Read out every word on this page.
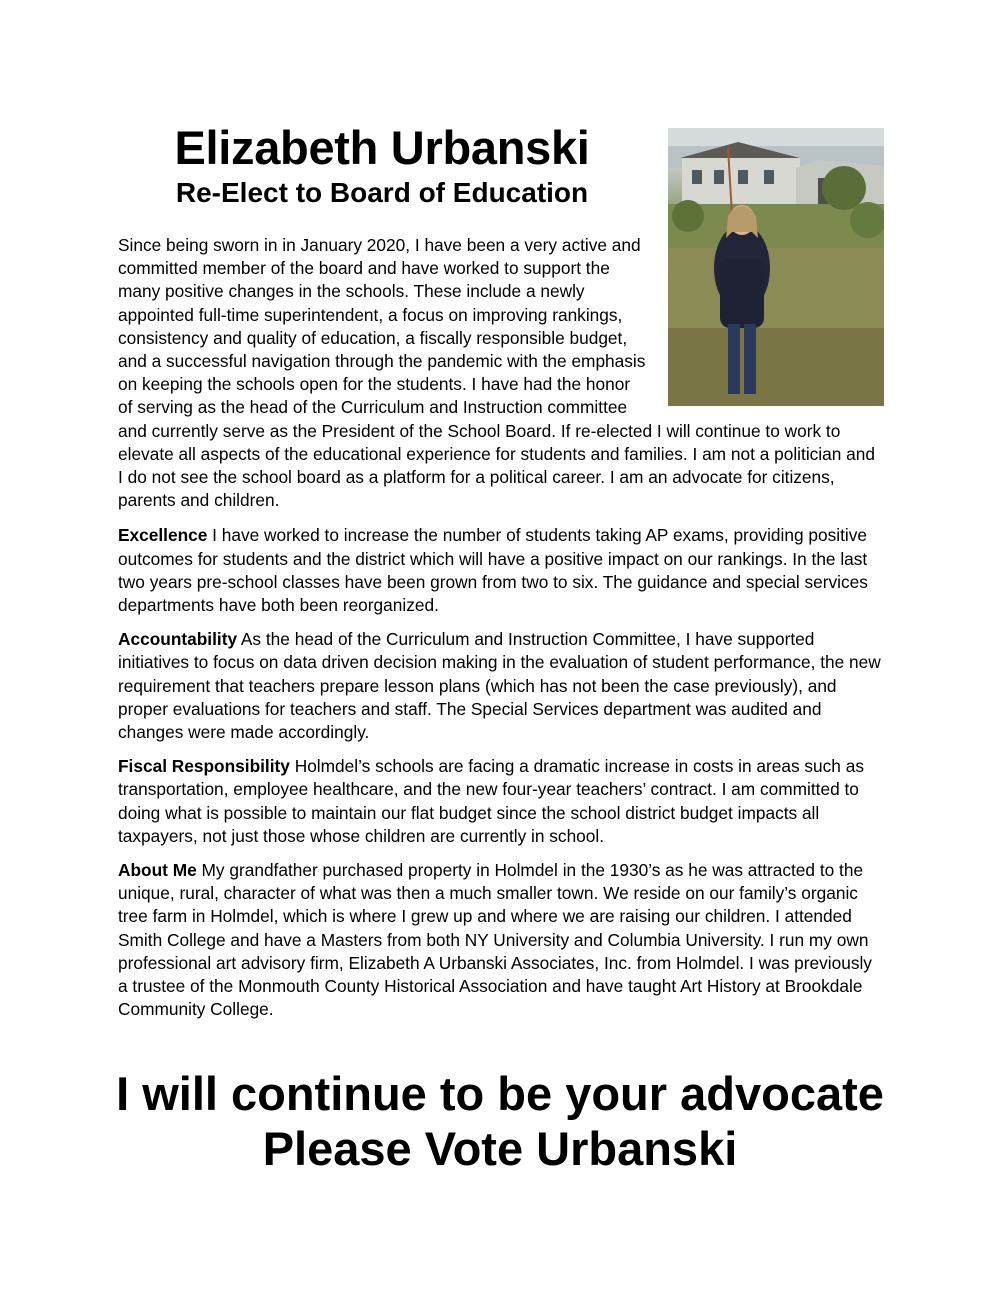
Elizabeth Urbanski
Re-Elect to Board of Education

Since being sworn in in January 2020, I have been a very active and committed member of the board and have worked to support the many positive changes in the schools. These include a newly appointed full-time superintendent, a focus on improving rankings, consistency and quality of education, a fiscally responsible budget, and a successful navigation through the pandemic with the emphasis on keeping the schools open for the students. I have had the honor of serving as the head of the Curriculum and Instruction committee and currently serve as the President of the School Board. If re-elected I will continue to work to elevate all aspects of the educational experience for students and families. I am not a politician and I do not see the school board as a platform for a political career. I am an advocate for citizens, parents and children.

Excellence I have worked to increase the number of students taking AP exams, providing positive outcomes for students and the district which will have a positive impact on our rankings. In the last two years pre-school classes have been grown from two to six. The guidance and special services departments have both been reorganized.

Accountability As the head of the Curriculum and Instruction Committee, I have supported initiatives to focus on data driven decision making in the evaluation of student performance, the new requirement that teachers prepare lesson plans (which has not been the case previously), and proper evaluations for teachers and staff. The Special Services department was audited and changes were made accordingly.

Fiscal Responsibility Holmdel’s schools are facing a dramatic increase in costs in areas such as transportation, employee healthcare, and the new four-year teachers’ contract. I am committed to doing what is possible to maintain our flat budget since the school district budget impacts all taxpayers, not just those whose children are currently in school.

About Me My grandfather purchased property in Holmdel in the 1930’s as he was attracted to the unique, rural, character of what was then a much smaller town. We reside on our family’s organic tree farm in Holmdel, which is where I grew up and where we are raising our children. I attended Smith College and have a Masters from both NY University and Columbia University. I run my own professional art advisory firm, Elizabeth A Urbanski Associates, Inc. from Holmdel. I was previously a trustee of the Monmouth County Historical Association and have taught Art History at Brookdale Community College.

I will continue to be your advocate
Please Vote Urbanski
